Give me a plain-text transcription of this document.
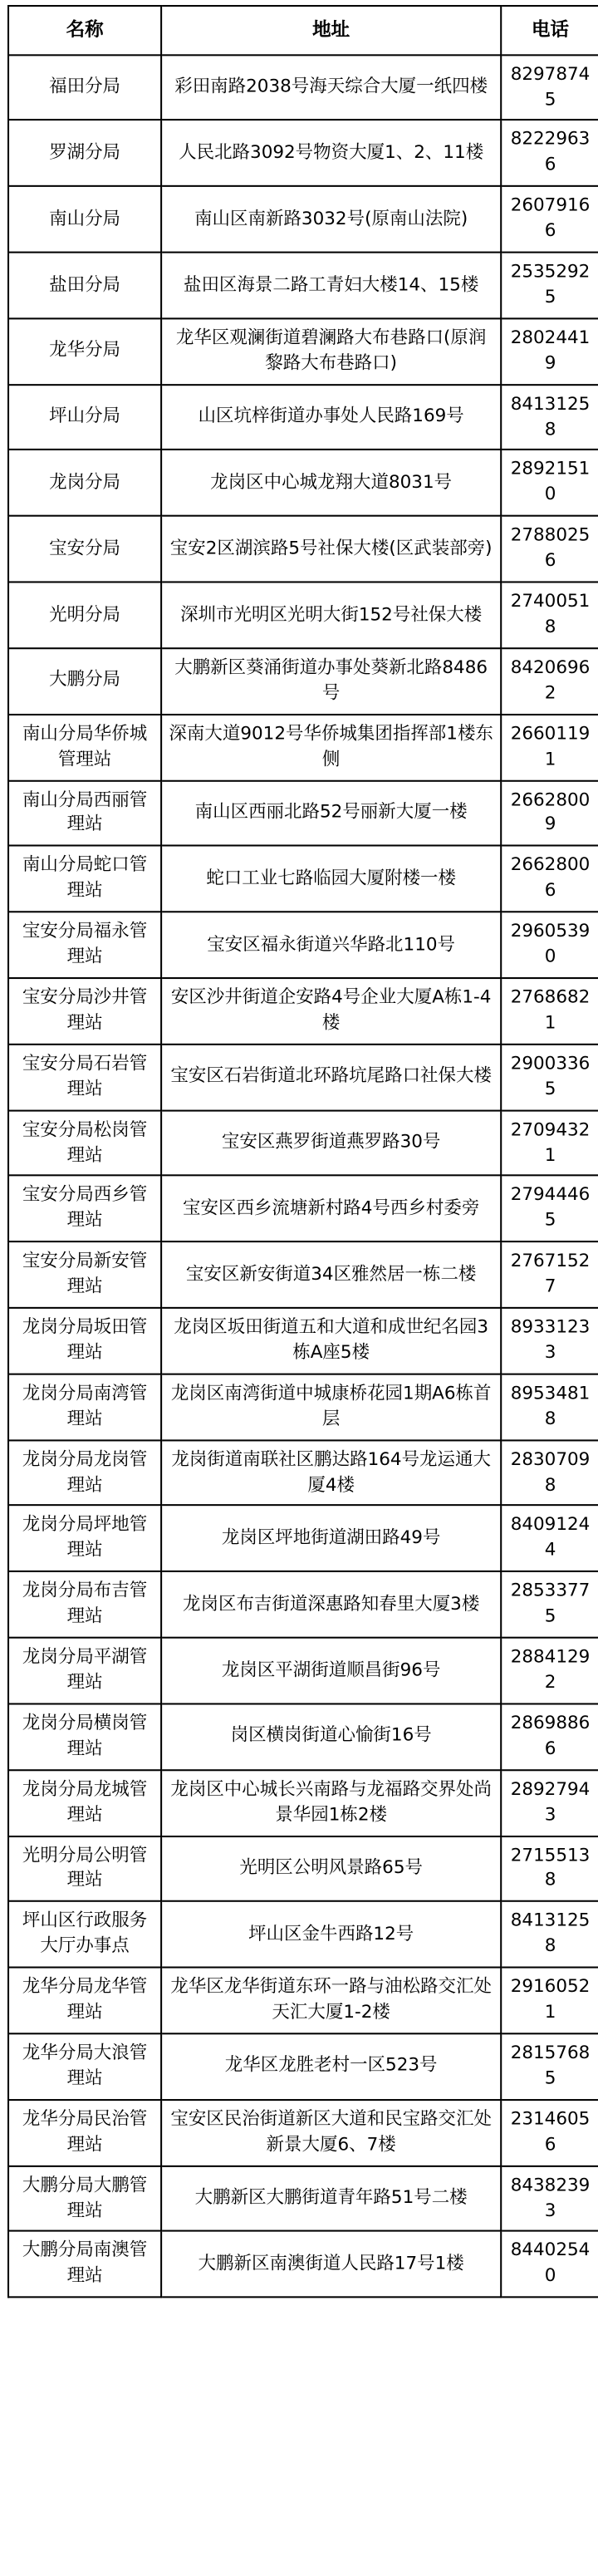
名称	地址	电话
福田分局	彩田南路2038号海天综合大厦一纸四楼	82978745
罗湖分局	人民北路3092号物资大厦1、2、11楼	82229636
南山分局	南山区南新路3032号(原南山法院)	26079166
盐田分局	盐田区海景二路工青妇大楼14、15楼	25352925
龙华分局	龙华区观澜街道碧澜路大布巷路口(原润黎路大布巷路口)	28024419
坪山分局	山区坑梓街道办事处人民路169号	84131258
龙岗分局	龙岗区中心城龙翔大道8031号	28921510
宝安分局	宝安2区湖滨路5号社保大楼(区武装部旁)	27880256
光明分局	深圳市光明区光明大街152号社保大楼	27400518
大鹏分局	大鹏新区葵涌街道办事处葵新北路8486号	84206962
南山分局华侨城管理站	深南大道9012号华侨城集团指挥部1楼东侧	26601191
南山分局西丽管理站	南山区西丽北路52号丽新大厦一楼	26628009
南山分局蛇口管理站	蛇口工业七路临园大厦附楼一楼	26628006
宝安分局福永管理站	宝安区福永街道兴华路北110号	29605390
宝安分局沙井管理站	安区沙井街道企安路4号企业大厦A栋1-4楼	27686821
宝安分局石岩管理站	宝安区石岩街道北环路坑尾路口社保大楼	29003365
宝安分局松岗管理站	宝安区燕罗街道燕罗路30号	27094321
宝安分局西乡管理站	宝安区西乡流塘新村路4号西乡村委旁	27944465
宝安分局新安管理站	宝安区新安街道34区雅然居一栋二楼	27671527
龙岗分局坂田管理站	龙岗区坂田街道五和大道和成世纪名园3栋A座5楼	89331233
龙岗分局南湾管理站	龙岗区南湾街道中城康桥花园1期A6栋首层	89534818
龙岗分局龙岗管理站	龙岗街道南联社区鹏达路164号龙运通大厦4楼	28307098
龙岗分局坪地管理站	龙岗区坪地街道湖田路49号	84091244
龙岗分局布吉管理站	龙岗区布吉街道深惠路知春里大厦3楼	28533775
龙岗分局平湖管理站	龙岗区平湖街道顺昌街96号	28841292
龙岗分局横岗管理站	岗区横岗街道心愉街16号	28698866
龙岗分局龙城管理站	龙岗区中心城长兴南路与龙福路交界处尚景华园1栋2楼	28927943
光明分局公明管理站	光明区公明风景路65号	27155138
坪山区行政服务大厅办事点	坪山区金牛西路12号	84131258
龙华分局龙华管理站	龙华区龙华街道东环一路与油松路交汇处天汇大厦1-2楼	29160521
龙华分局大浪管理站	龙华区龙胜老村一区523号	28157685
龙华分局民治管理站	宝安区民治街道新区大道和民宝路交汇处新景大厦6、7楼	23146056
大鹏分局大鹏管理站	大鹏新区大鹏街道青年路51号二楼	84382393
大鹏分局南澳管理站	大鹏新区南澳街道人民路17号1楼	84402540
